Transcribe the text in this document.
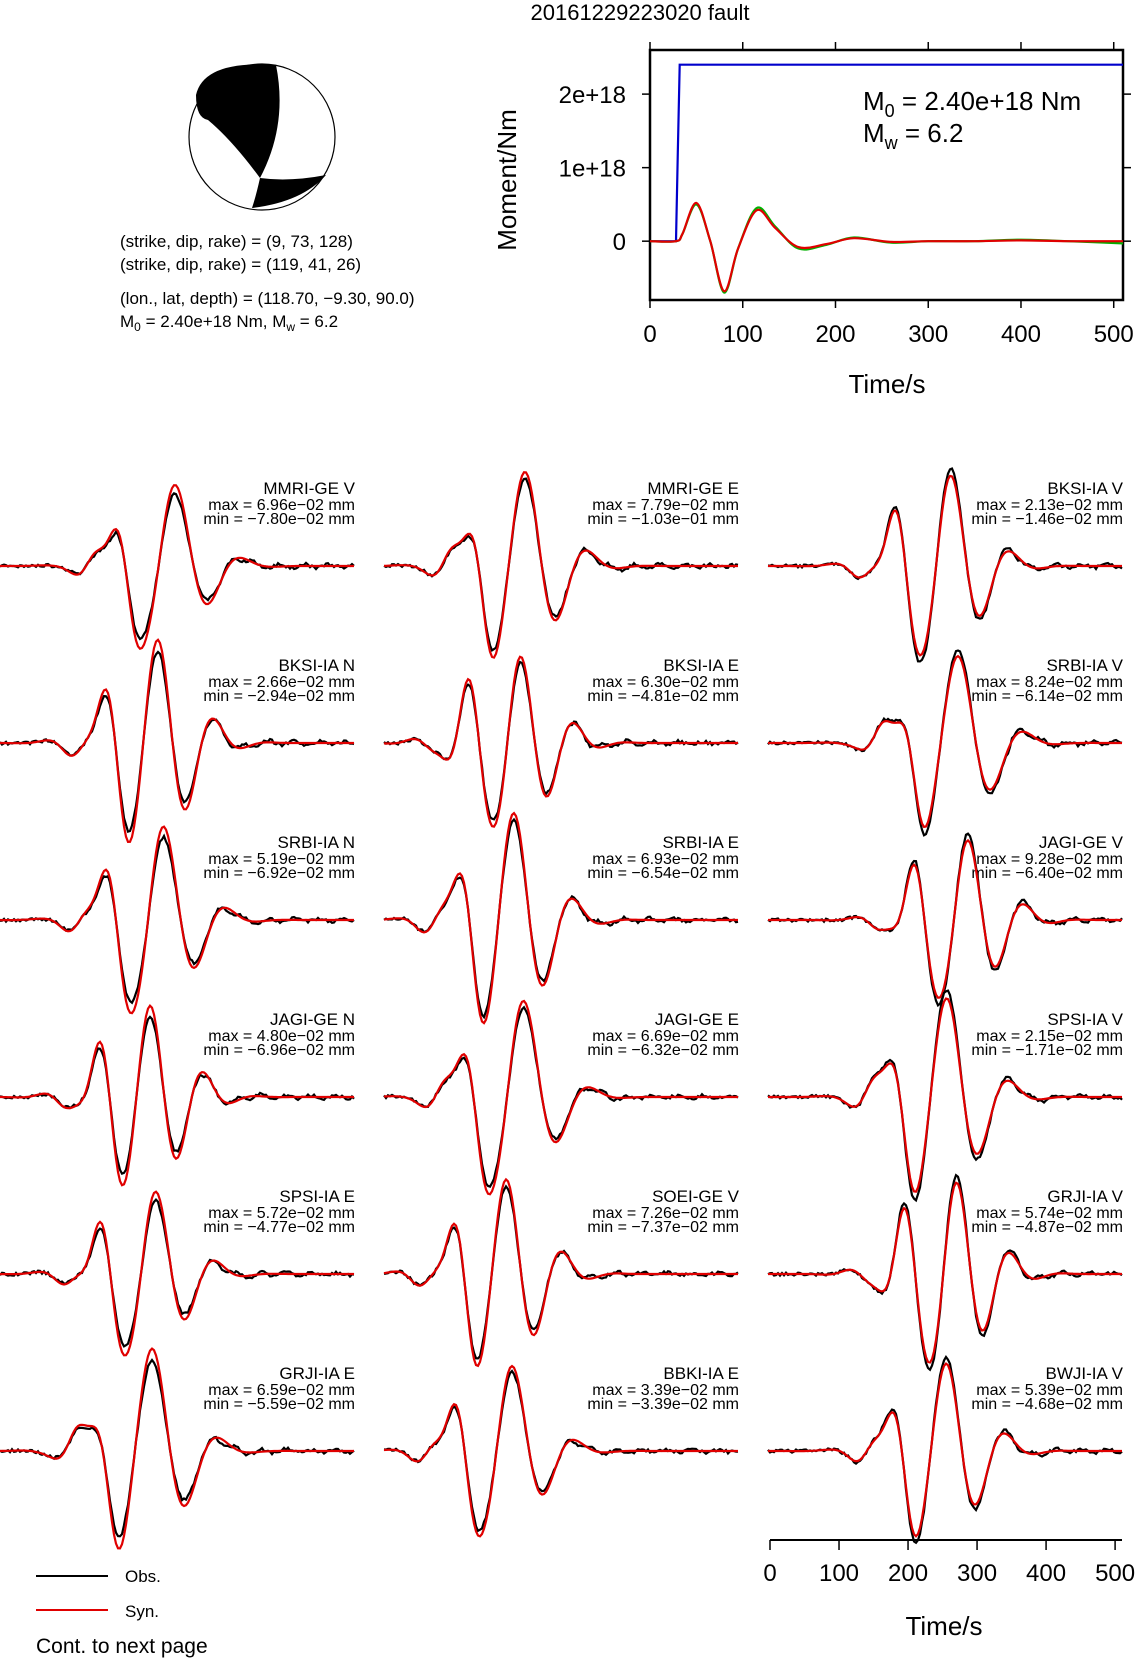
20161229223020 fault
(strike, dip, rake) = (9, 73, 128)
(strike, dip, rake) = (119, 41, 26)
(lon., lat, depth) = (118.70, −9.30, 90.0)
$M_0 = 2.40e+18$ Nm, $M_w = 6.2$
Moment/Nm
0	100 200 300 400 500
0
1e+18
2e+18
Time/s
$M_0 = 2.40e+18$ Nm
$M_w = 6.2$
MMRI-GE V
max = 6.96e−02 mm
min = −7.80e−02 mm
MMRI-GE E
max = 7.79e−02 mm
min = −1.03e−01 mm
BKSI-IA V
max = 2.13e−02 mm
min = −1.46e−02 mm
BKSI-IA N
max = 2.66e−02 mm
min = −2.94e−02 mm
BKSI-IA E
max = 6.30e−02 mm
min = −4.81e−02 mm
SRBI-IA V
max = 8.24e−02 mm
min = −6.14e−02 mm
SRBI-IA N
max = 5.19e−02 mm
min = −6.92e−02 mm
SRBI-IA E
max = 6.93e−02 mm
min = −6.54e−02 mm
JAGI-GE V
max = 9.28e−02 mm
min = −6.40e−02 mm
JAGI-GE N
max = 4.80e−02 mm
min = −6.96e−02 mm
JAGI-GE E
max = 6.69e−02 mm
min = −6.32e−02 mm
SPSI-IA V
max = 2.15e−02 mm
min = −1.71e−02 mm
SPSI-IA E
max = 5.72e−02 mm
min = −4.77e−02 mm
SOEI-GE V
max = 7.26e−02 mm
min = −7.37e−02 mm
GRJI-IA V
max = 5.74e−02 mm
min = −4.87e−02 mm
GRJI-IA E
max = 6.59e−02 mm
min = −5.59e−02 mm
BBKI-IA E
max = 3.39e−02 mm
min = −3.39e−02 mm
BWJI-IA V
max = 5.39e−02 mm
min = −4.68e−02 mm
Time/s
0 100 200 300 400 500
Obs.
Syn.
Cont. to next page
